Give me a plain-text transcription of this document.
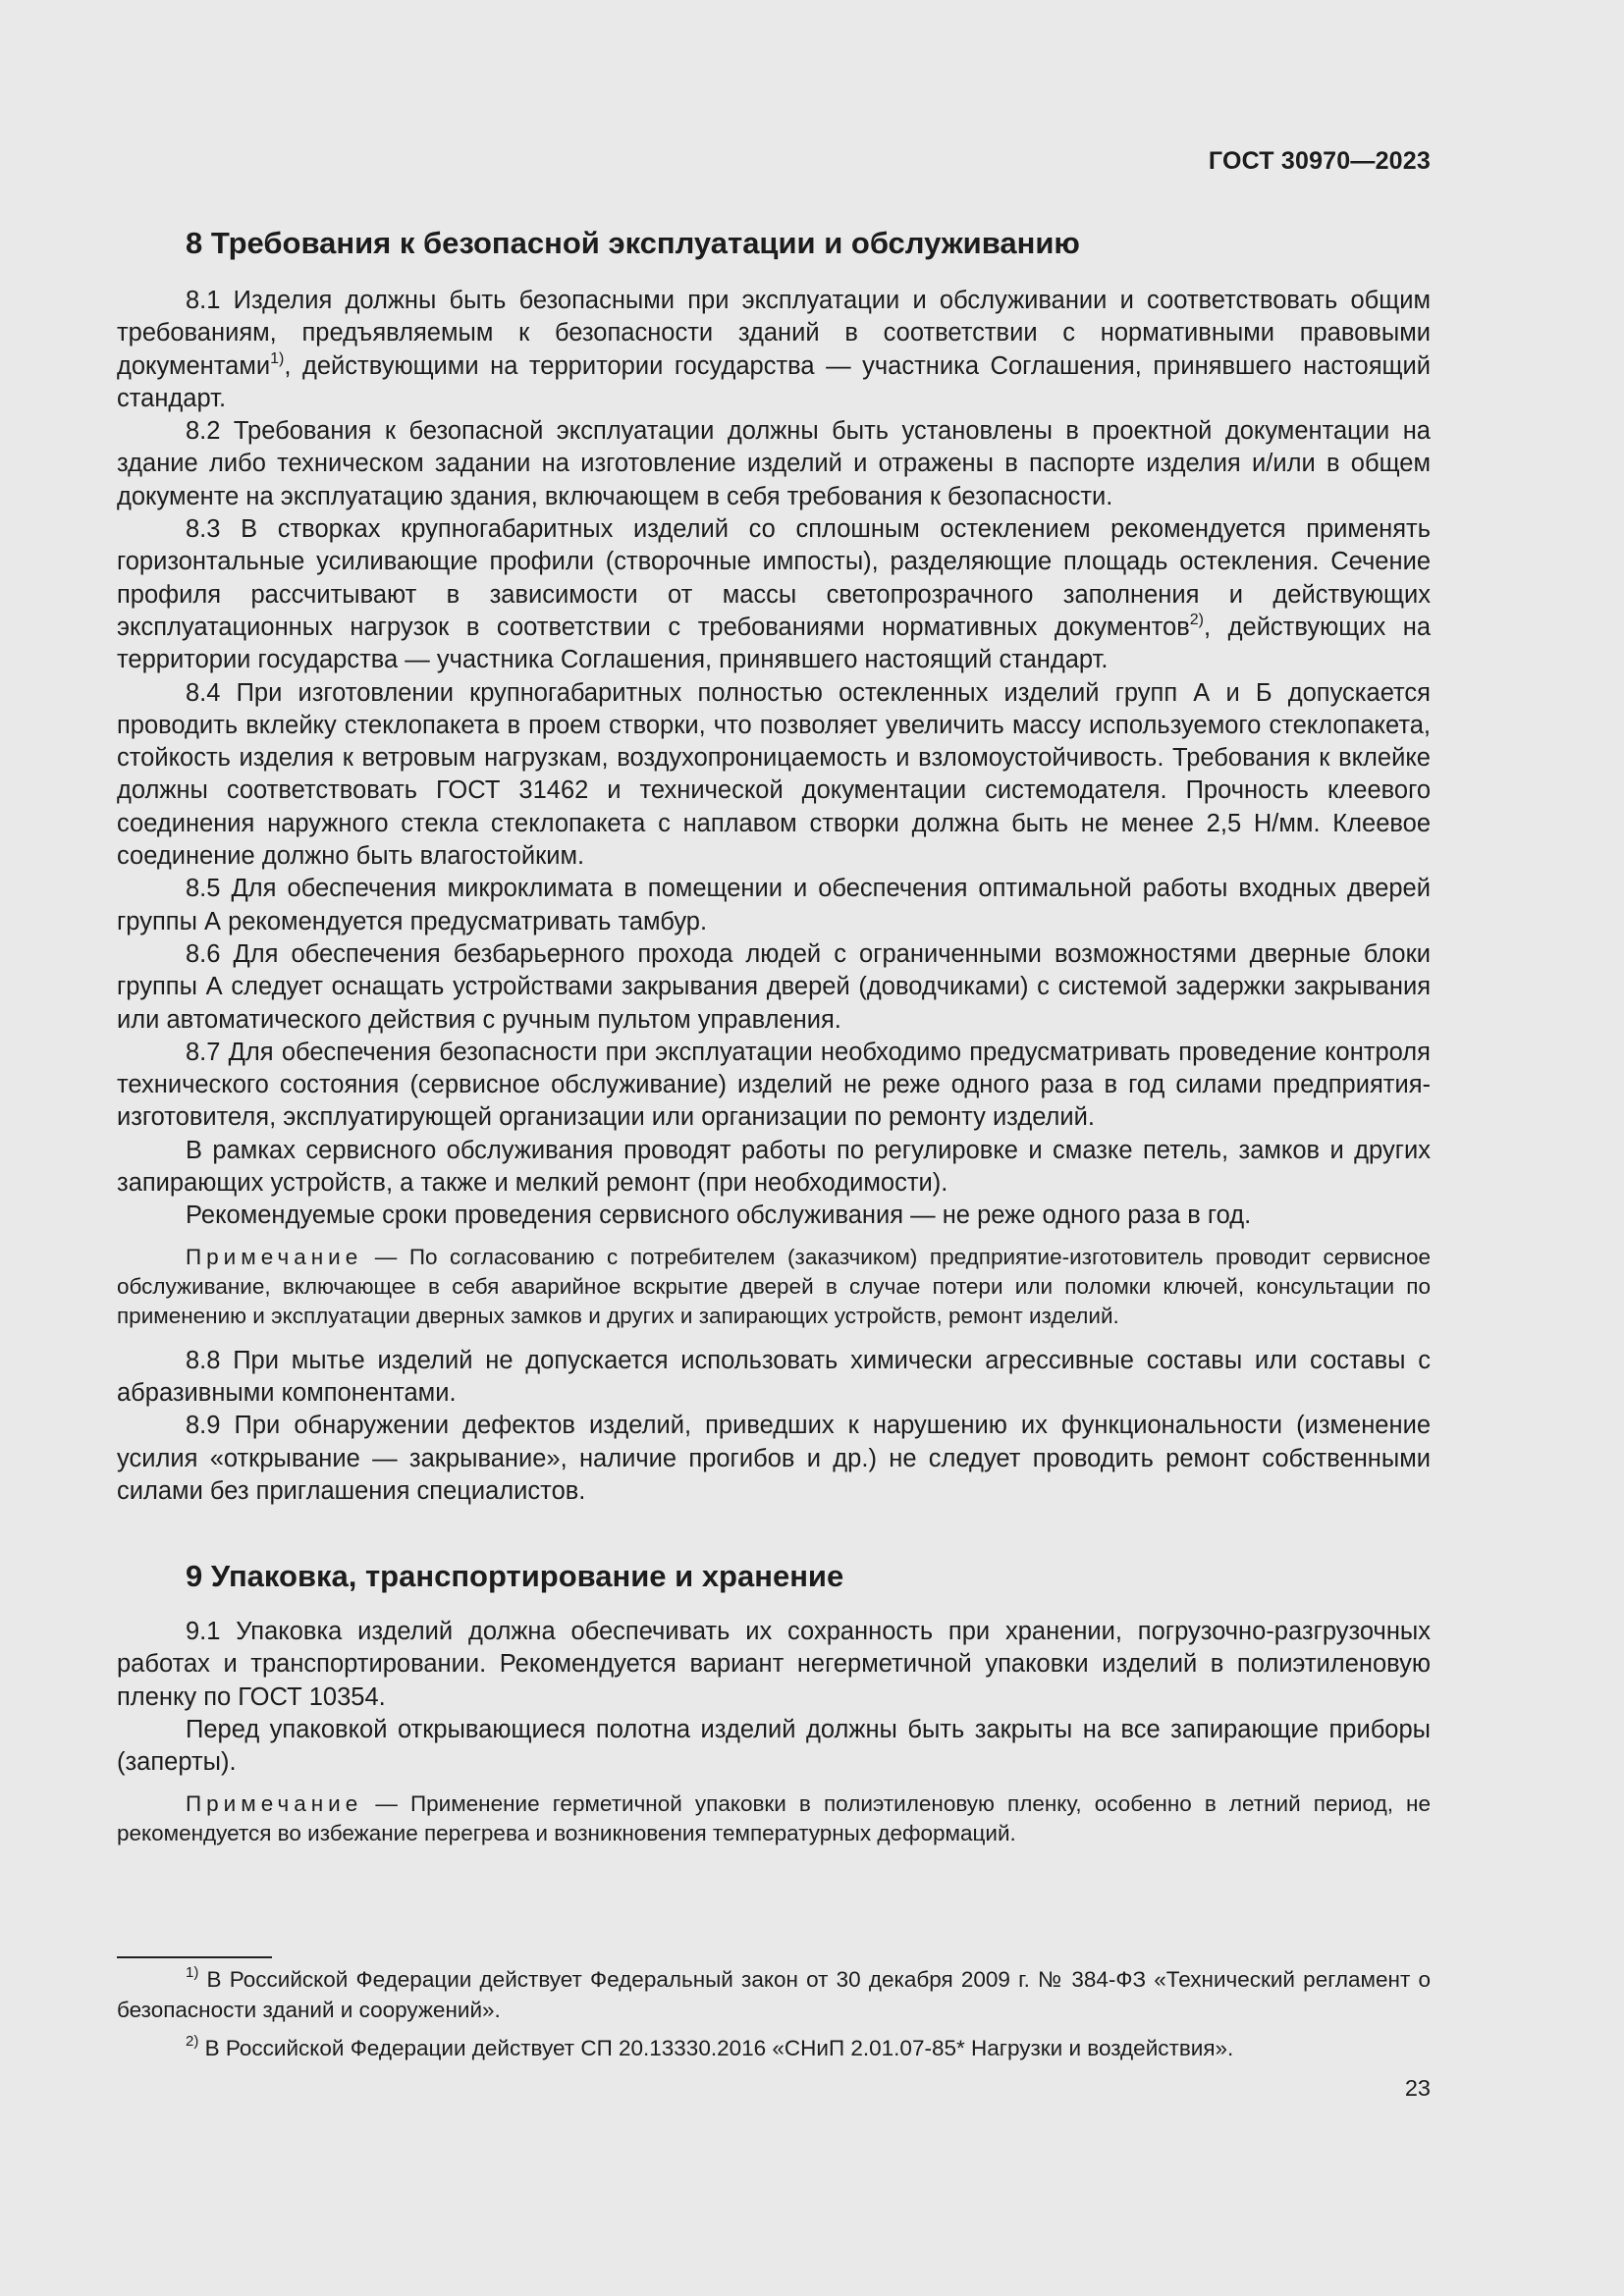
ГОСТ 30970—2023
8 Требования к безопасной эксплуатации и обслуживанию

8.1 Изделия должны быть безопасными при эксплуатации и обслуживании и соответствовать общим требованиям, предъявляемым к безопасности зданий в соответствии с нормативными правовыми документами$^{1)}$, действующими на территории государства — участника Соглашения, принявшего настоящий стандарт.

8.2 Требования к безопасной эксплуатации должны быть установлены в проектной документации на здание либо техническом задании на изготовление изделий и отражены в паспорте изделия и/или в общем документе на эксплуатацию здания, включающем в себя требования к безопасности.

8.3 В створках крупногабаритных изделий со сплошным остеклением рекомендуется применять горизонтальные усиливающие профили (створочные импосты), разделяющие площадь остекления. Сечение профиля рассчитывают в зависимости от массы светопрозрачного заполнения и действующих эксплуатационных нагрузок в соответствии с требованиями нормативных документов$^{2)}$, действующих на территории государства — участника Соглашения, принявшего настоящий стандарт.

8.4 При изготовлении крупногабаритных полностью остекленных изделий групп А и Б допускается проводить вклейку стеклопакета в проем створки, что позволяет увеличить массу используемого стеклопакета, стойкость изделия к ветровым нагрузкам, воздухопроницаемость и взломоустойчивость. Требования к вклейке должны соответствовать ГОСТ 31462 и технической документации системодателя. Прочность клеевого соединения наружного стекла стеклопакета с наплавом створки должна быть не менее 2,5 Н/мм. Клеевое соединение должно быть влагостойким.

8.5 Для обеспечения микроклимата в помещении и обеспечения оптимальной работы входных дверей группы А рекомендуется предусматривать тамбур.

8.6 Для обеспечения безбарьерного прохода людей с ограниченными возможностями дверные блоки группы А следует оснащать устройствами закрывания дверей (доводчиками) с системой задержки закрывания или автоматического действия с ручным пультом управления.

8.7 Для обеспечения безопасности при эксплуатации необходимо предусматривать проведение контроля технического состояния (сервисное обслуживание) изделий не реже одного раза в год силами предприятия-изготовителя, эксплуатирующей организации или организации по ремонту изделий.

В рамках сервисного обслуживания проводят работы по регулировке и смазке петель, замков и других запирающих устройств, а также и мелкий ремонт (при необходимости).

Рекомендуемые сроки проведения сервисного обслуживания — не реже одного раза в год.

Примечание — По согласованию с потребителем (заказчиком) предприятие-изготовитель проводит сервисное обслуживание, включающее в себя аварийное вскрытие дверей в случае потери или поломки ключей, консультации по применению и эксплуатации дверных замков и других и запирающих устройств, ремонт изделий.

8.8 При мытье изделий не допускается использовать химически агрессивные составы или составы с абразивными компонентами.

8.9 При обнаружении дефектов изделий, приведших к нарушению их функциональности (изменение усилия «открывание — закрывание», наличие прогибов и др.) не следует проводить ремонт собственными силами без приглашения специалистов.

9 Упаковка, транспортирование и хранение

9.1 Упаковка изделий должна обеспечивать их сохранность при хранении, погрузочно-разгрузочных работах и транспортировании. Рекомендуется вариант негерметичной упаковки изделий в полиэтиленовую пленку по ГОСТ 10354.

Перед упаковкой открывающиеся полотна изделий должны быть закрыты на все запирающие приборы (заперты).

Примечание — Применение герметичной упаковки в полиэтиленовую пленку, особенно в летний период, не рекомендуется во избежание перегрева и возникновения температурных деформаций.

$^{1)}$ В Российской Федерации действует Федеральный закон от 30 декабря 2009 г. № 384-ФЗ «Технический регламент о безопасности зданий и сооружений».

$^{2)}$ В Российской Федерации действует СП 20.13330.2016 «СНиП 2.01.07-85* Нагрузки и воздействия».

23
